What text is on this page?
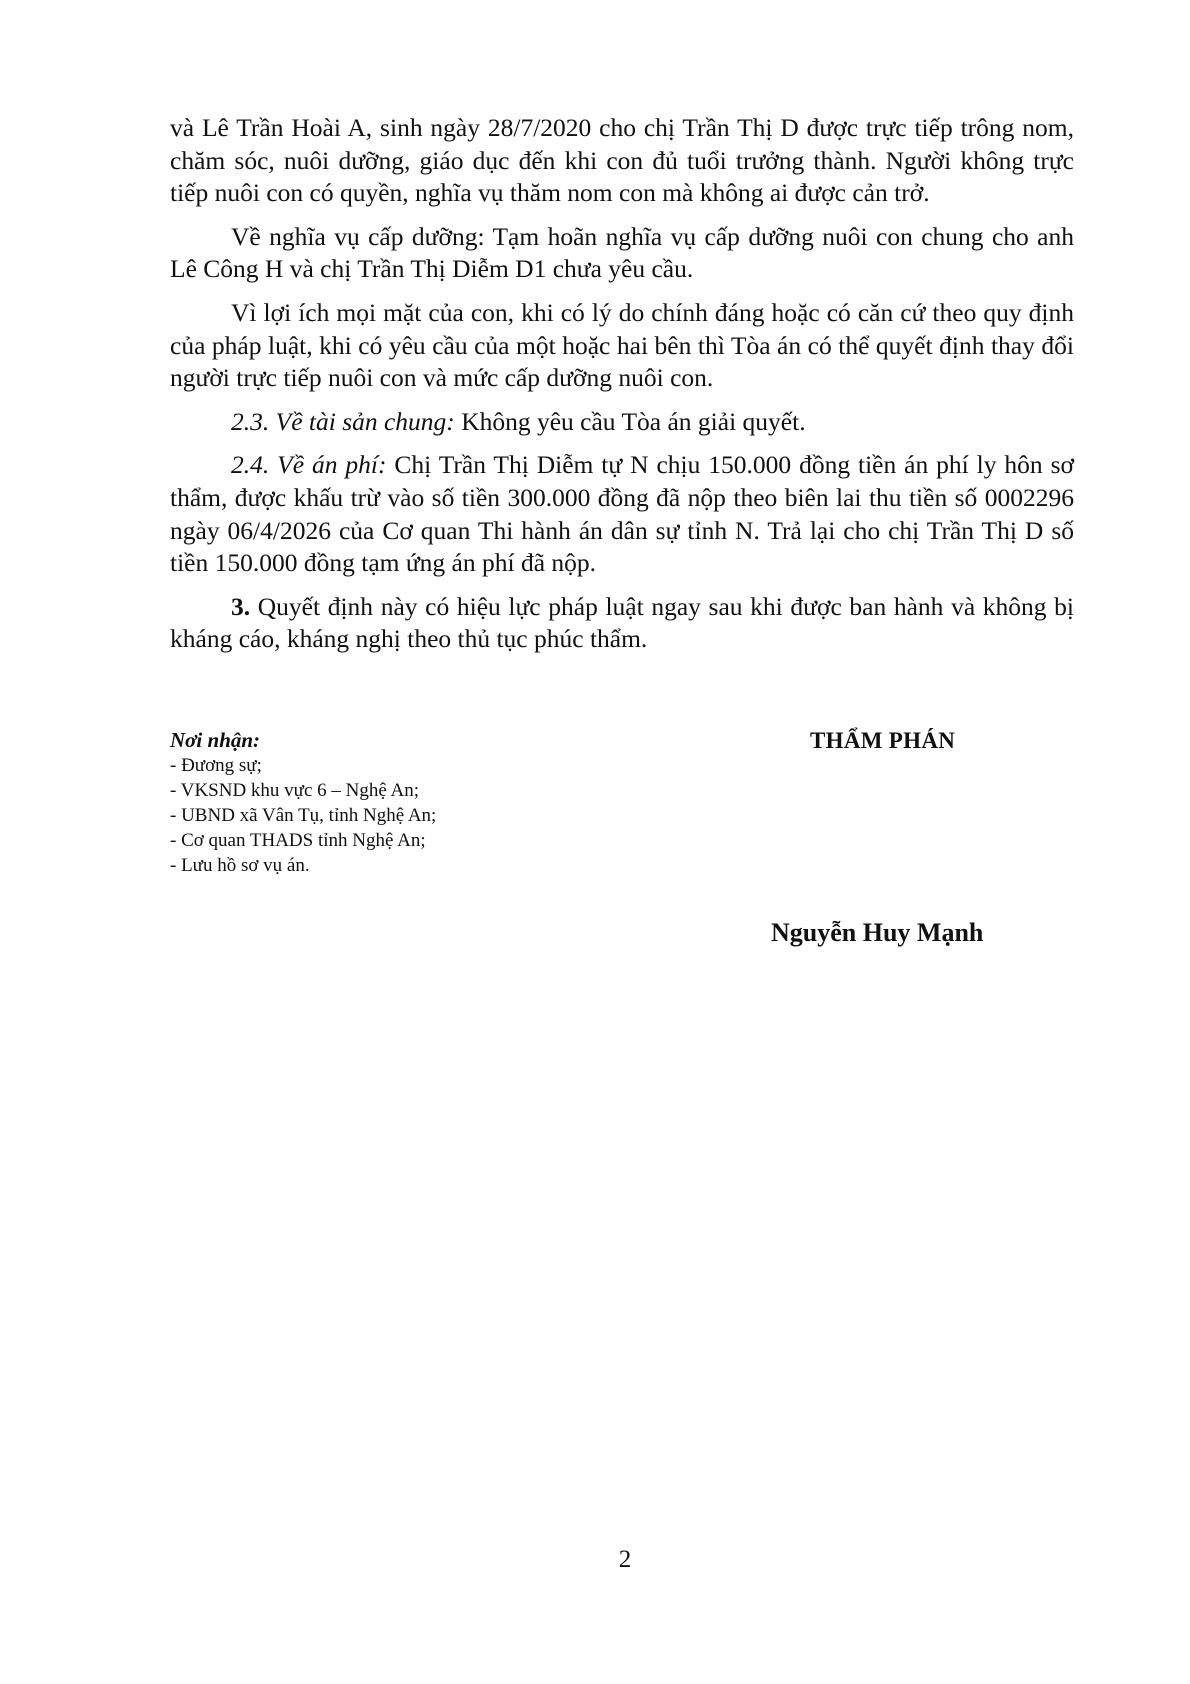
và Lê Trần Hoài A, sinh ngày 28/7/2020 cho chị Trần Thị D được trực tiếp trông nom, chăm sóc, nuôi dưỡng, giáo dục đến khi con đủ tuổi trưởng thành. Người không trực tiếp nuôi con có quyền, nghĩa vụ thăm nom con mà không ai được cản trở.

Về nghĩa vụ cấp dưỡng: Tạm hoãn nghĩa vụ cấp dưỡng nuôi con chung cho anh Lê Công H và chị Trần Thị Diễm D1 chưa yêu cầu.

Vì lợi ích mọi mặt của con, khi có lý do chính đáng hoặc có căn cứ theo quy định của pháp luật, khi có yêu cầu của một hoặc hai bên thì Tòa án có thể quyết định thay đổi người trực tiếp nuôi con và mức cấp dưỡng nuôi con.

2.3. Về tài sản chung: Không yêu cầu Tòa án giải quyết.

2.4. Về án phí: Chị Trần Thị Diễm tự N chịu 150.000 đồng tiền án phí ly hôn sơ thẩm, được khấu trừ vào số tiền 300.000 đồng đã nộp theo biên lai thu tiền số 0002296 ngày 06/4/2026 của Cơ quan Thi hành án dân sự tỉnh N. Trả lại cho chị Trần Thị D số tiền 150.000 đồng tạm ứng án phí đã nộp.

3. Quyết định này có hiệu lực pháp luật ngay sau khi được ban hành và không bị kháng cáo, kháng nghị theo thủ tục phúc thẩm.

Nơi nhận:
- Đương sự;
- VKSND khu vực 6 – Nghệ An;
- UBND xã Vân Tụ, tỉnh Nghệ An;
- Cơ quan THADS tỉnh Nghệ An;
- Lưu hồ sơ vụ án.
THẨM PHÁN
Nguyễn Huy Mạnh
2
